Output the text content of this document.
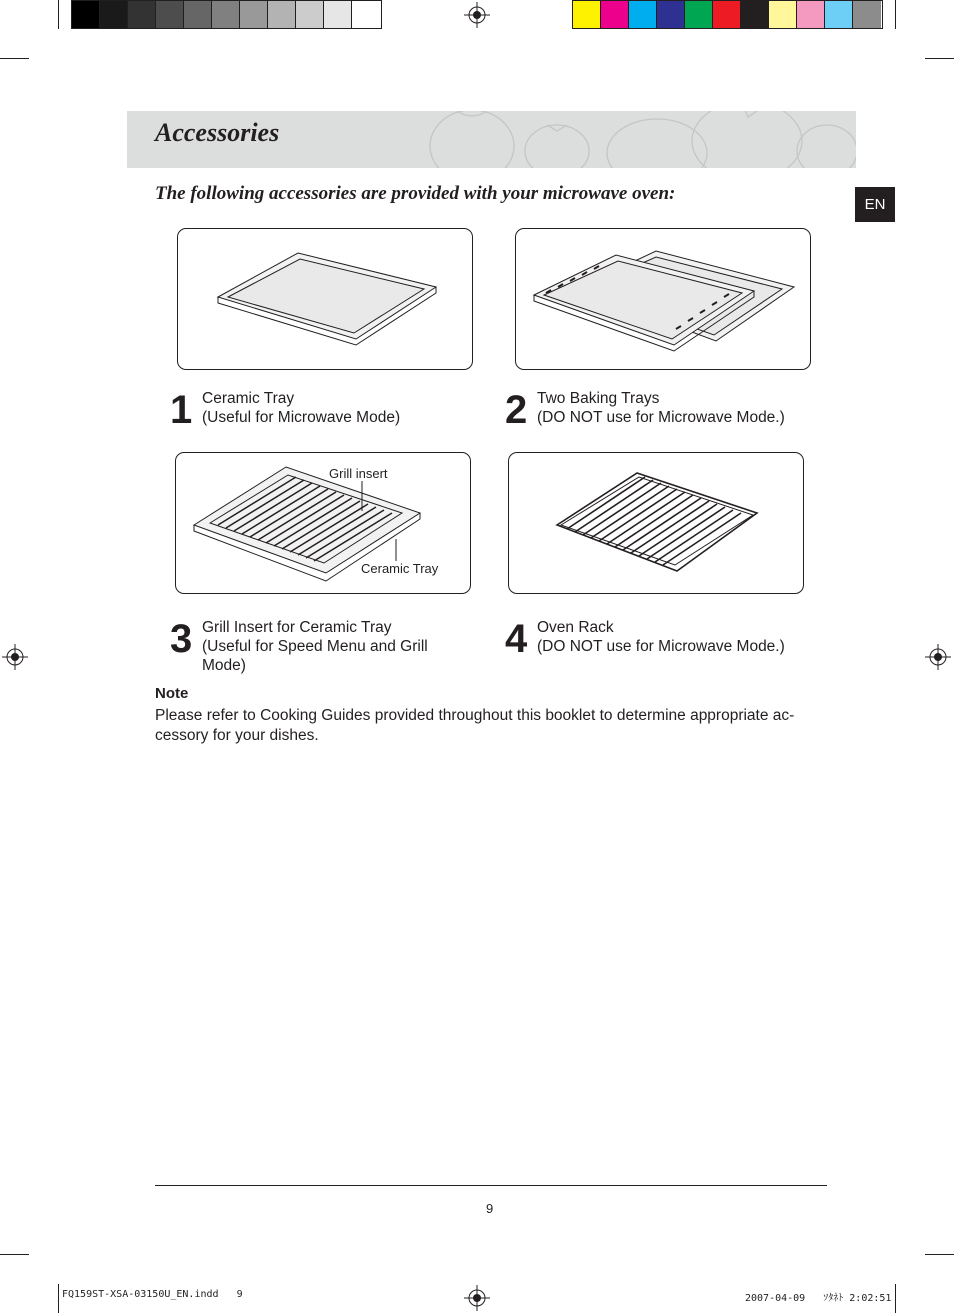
Accessories
The following accessories are provided with your microwave oven:
EN
1 Ceramic Tray
(Useful for Microwave Mode)	2 Two Baking Trays
(DO NOT use for Microwave Mode.)
Grill insert
Ceramic Tray
3 Grill Insert for Ceramic Tray
(Useful for Speed Menu and Grill Mode)
4 Oven Rack
(DO NOT use for Microwave Mode.)
Note
Please refer to Cooking Guides provided throughout this booklet to determine appropriate ac-cessory for your dishes.
9
FQ159ST-XSA-03150U_EN.indd   9	2007-04-09   ｿﾀﾈﾄ 2:02:51
